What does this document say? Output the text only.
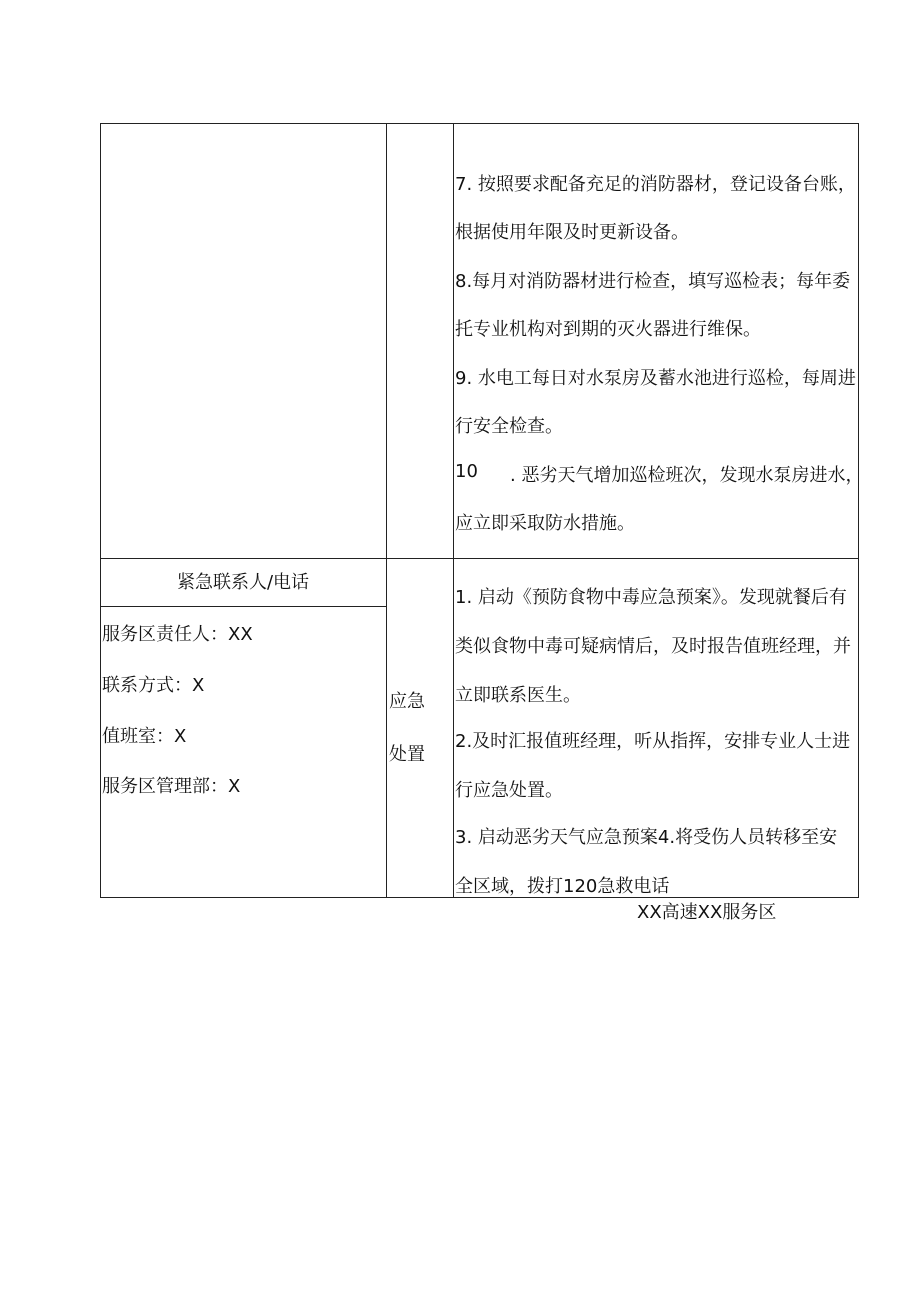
7. 按照要求配备充足的消防器材，登记设备台账，
根据使用年限及时更新设备。
8.每月对消防器材进行检查，填写巡检表；每年委
托专业机构对到期的灭火器进行维保。
9. 水电工每日对水泵房及蓄水池进行巡检，每周进
行安全检查。
10 . 恶劣天气增加巡检班次，发现水泵房进水，
应立即采取防水措施。
紧急联系人/电话
服务区责任人：XX
联系方式：X
值班室：X
服务区管理部：X
应急
处置
1. 启动《预防食物中毒应急预案》。发现就餐后有
类似食物中毒可疑病情后，及时报告值班经理，并
立即联系医生。
2.及时汇报值班经理，听从指挥，安排专业人士进
行应急处置。
3. 启动恶劣天气应急预案4.将受伤人员转移至安
全区域，拨打120急救电话
XX高速XX服务区
